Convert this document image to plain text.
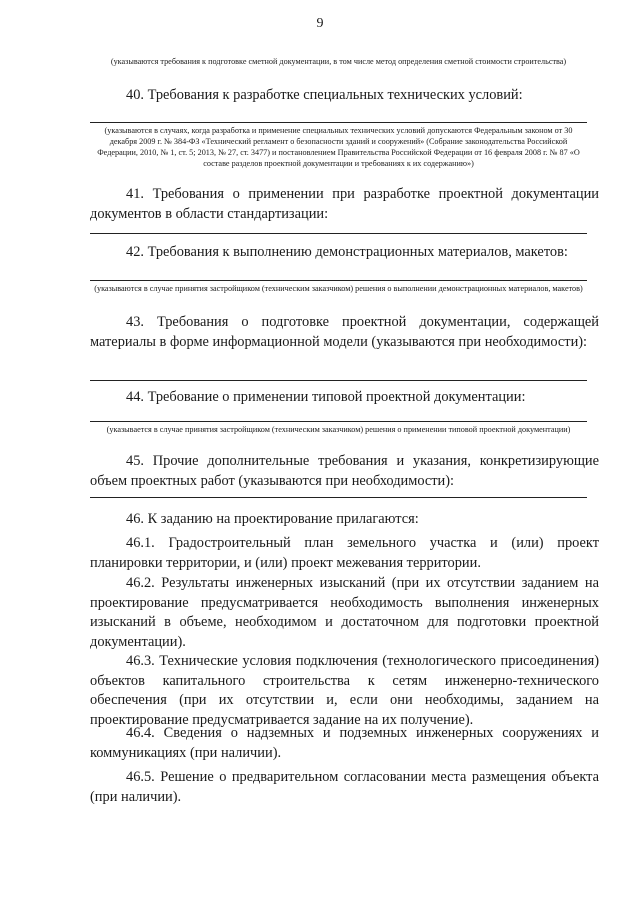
9
(указываются требования к подготовке сметной документации, в том числе метод определения сметной стоимости строительства)
40. Требования к разработке специальных технических условий:
(указываются в случаях, когда разработка и применение специальных технических условий допускаются Федеральным законом от 30 декабря 2009 г. № 384-ФЗ «Технический регламент о безопасности зданий и сооружений» (Собрание законодательства Российской Федерации, 2010, № 1, ст. 5; 2013, № 27, ст. 3477) и постановлением Правительства Российской Федерации от 16 февраля 2008 г. № 87 «О составе разделов проектной документации и требованиях к их содержанию»)

41. Требования о применении при разработке проектной документации документов в области стандартизации:

42. Требования к выполнению демонстрационных материалов, макетов:
(указываются в случае принятия застройщиком (техническим заказчиком) решения о выполнении демонстрационных материалов, макетов)

43. Требования о подготовке проектной документации, содержащей материалы в форме информационной модели (указываются при необходимости):

44. Требование о применении типовой проектной документации:
(указывается в случае принятия застройщиком (техническим заказчиком) решения о применении типовой проектной документации)

45. Прочие дополнительные требования и указания, конкретизирующие объем проектных работ (указываются при необходимости):

46. К заданию на проектирование прилагаются:

46.1. Градостроительный план земельного участка и (или) проект планировки территории, и (или) проект межевания территории.

46.2. Результаты инженерных изысканий (при их отсутствии заданием на проектирование предусматривается необходимость выполнения инженерных изысканий в объеме, необходимом и достаточном для подготовки проектной документации).

46.3. Технические условия подключения (технологического присоединения) объектов капитального строительства к сетям инженерно-технического обеспечения (при их отсутствии и, если они необходимы, заданием на проектирование предусматривается задание на их получение).

46.4. Сведения о надземных и подземных инженерных сооружениях и коммуникациях (при наличии).

46.5. Решение о предварительном согласовании места размещения объекта (при наличии).
